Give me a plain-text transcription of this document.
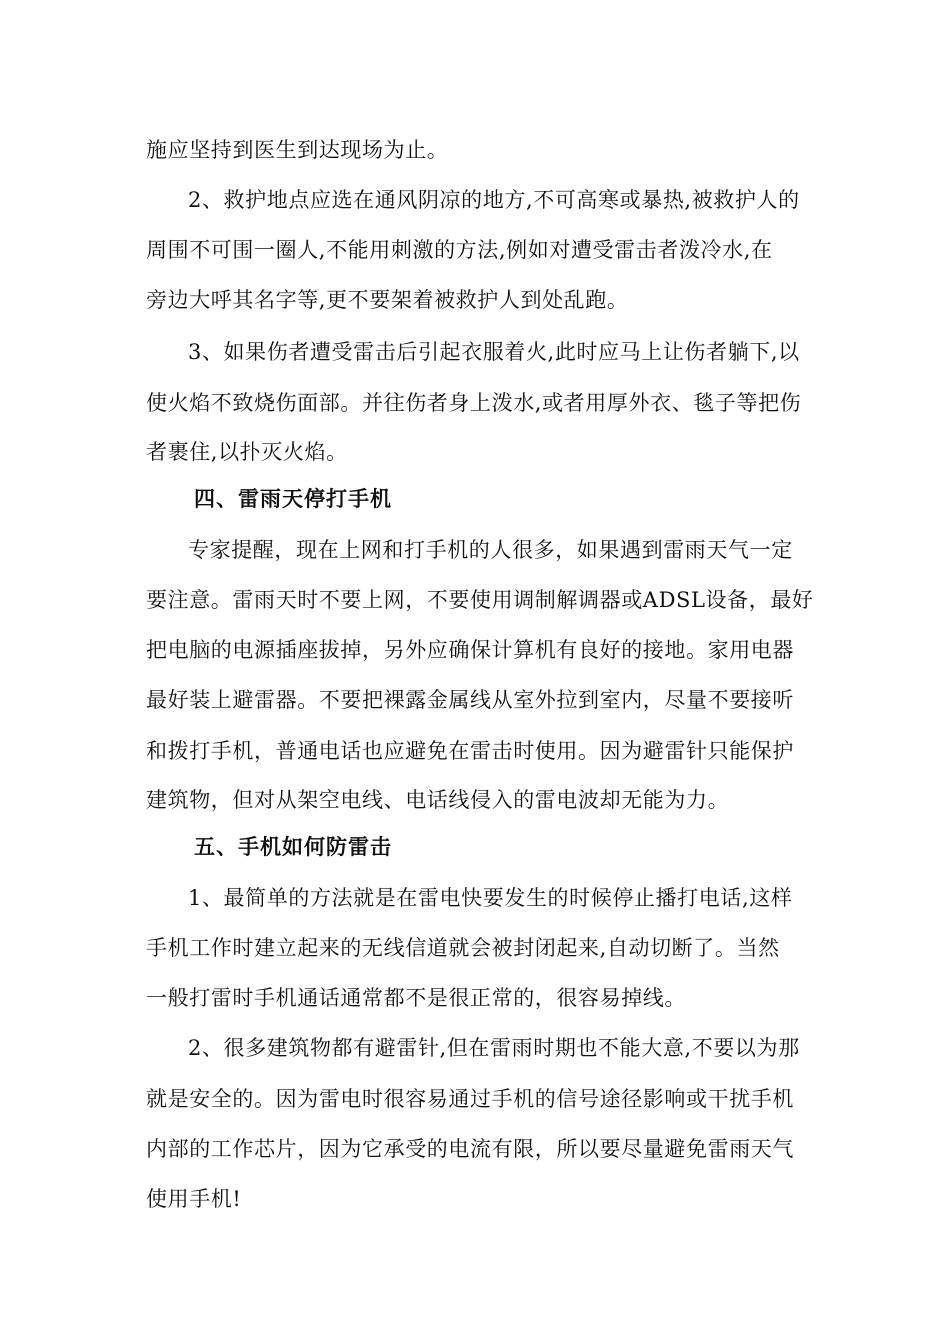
施应坚持到医生到达现场为止。
2、救护地点应选在通风阴凉的地方,不可高寒或暴热,被救护人的
周围不可围一圈人,不能用刺激的方法,例如对遭受雷击者泼冷水,在
旁边大呼其名字等,更不要架着被救护人到处乱跑。
3、如果伤者遭受雷击后引起衣服着火,此时应马上让伤者躺下,以
使火焰不致烧伤面部。并往伤者身上泼水,或者用厚外衣、毯子等把伤
者裹住,以扑灭火焰。
四、雷雨天停打手机
专家提醒，现在上网和打手机的人很多，如果遇到雷雨天气一定
要注意。雷雨天时不要上网，不要使用调制解调器或ADSL设备，最好
把电脑的电源插座拔掉，另外应确保计算机有良好的接地。家用电器
最好装上避雷器。不要把裸露金属线从室外拉到室内，尽量不要接听
和拨打手机，普通电话也应避免在雷击时使用。因为避雷针只能保护
建筑物，但对从架空电线、电话线侵入的雷电波却无能为力。
五、手机如何防雷击
1、最简单的方法就是在雷电快要发生的时候停止播打电话,这样
手机工作时建立起来的无线信道就会被封闭起来,自动切断了。当然
一般打雷时手机通话通常都不是很正常的，很容易掉线。
2、很多建筑物都有避雷针,但在雷雨时期也不能大意,不要以为那
就是安全的。因为雷电时很容易通过手机的信号途径影响或干扰手机
内部的工作芯片，因为它承受的电流有限，所以要尽量避免雷雨天气
使用手机!
